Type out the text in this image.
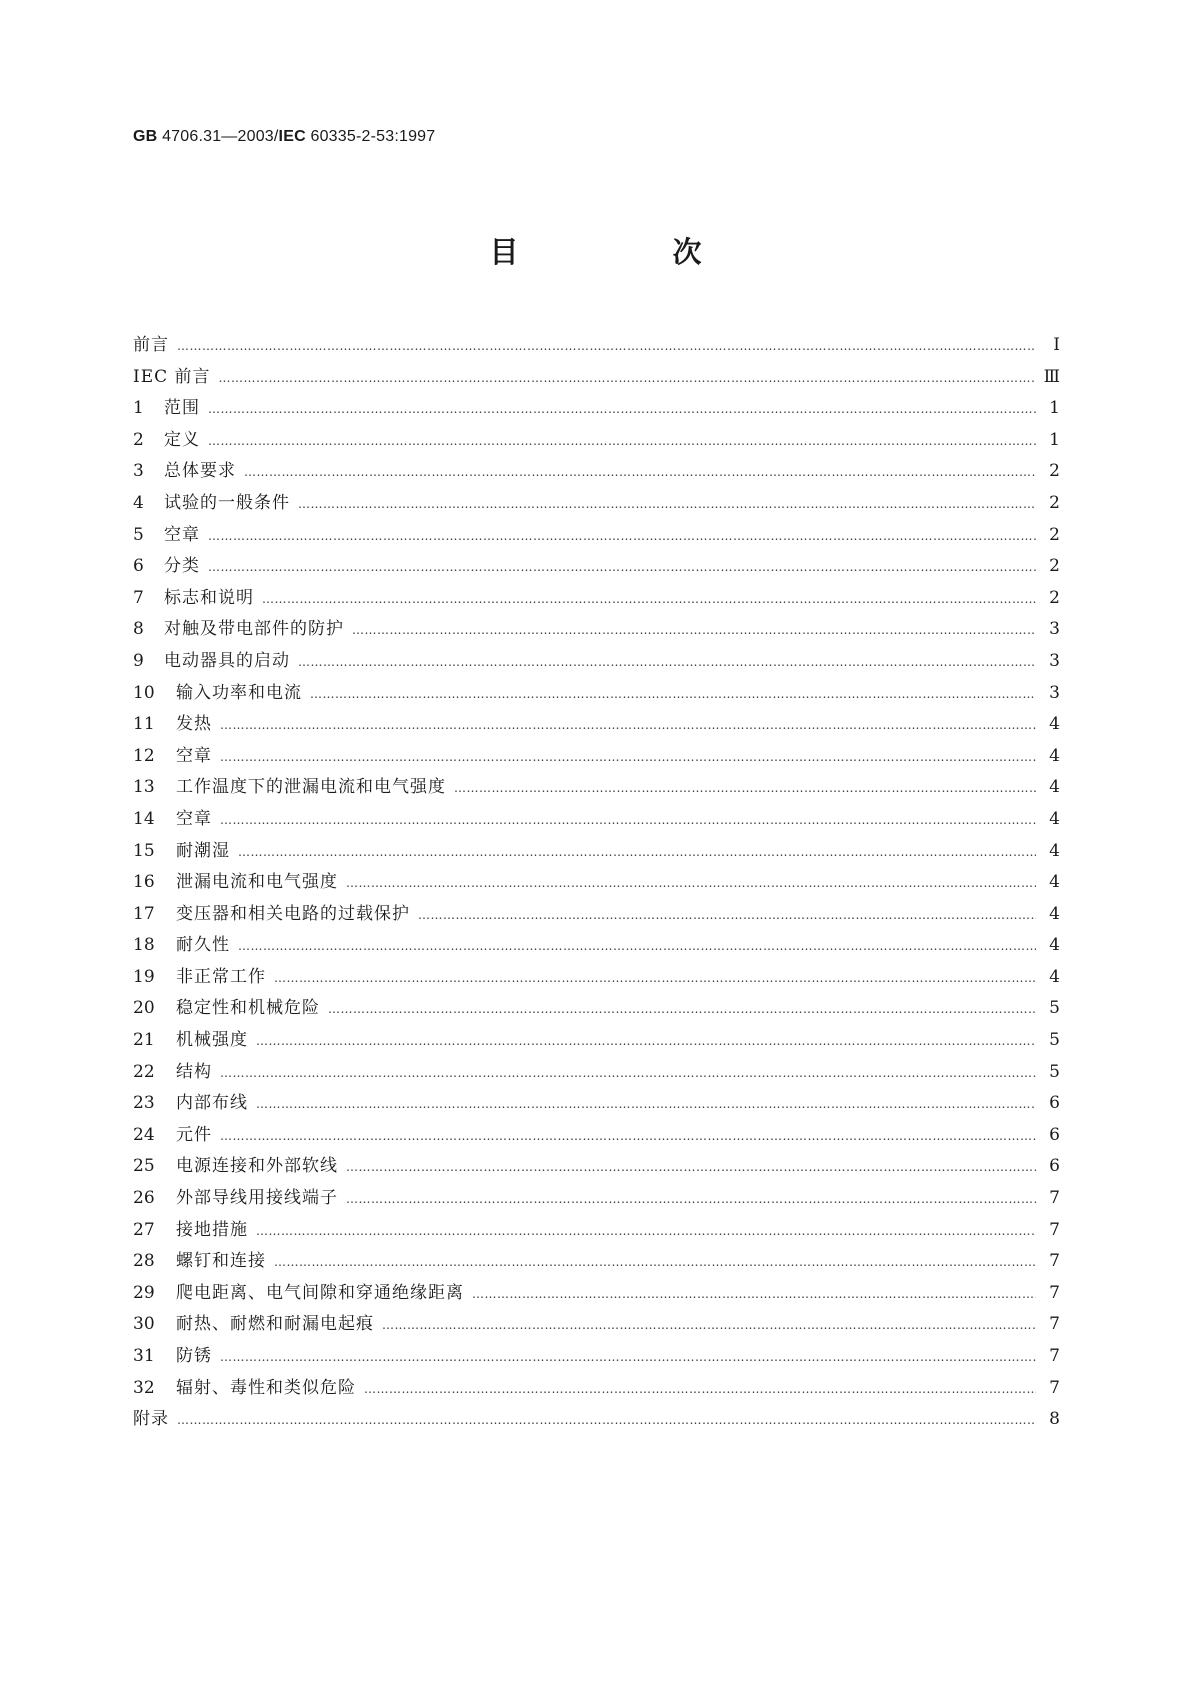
GB 4706.31—2003/IEC 60335-2-53:1997
目 次
前言 …………………………………………………………………………………………………………………………………………………………………………………………………………………………	I
IEC 前言 …………………………………………………………………………………………………………………………………………………………………………………………………………………………	Ⅲ
1	范围 …………………………………………………………………………………………………………………………………………………………………………………………………………………………	1
2	定义 …………………………………………………………………………………………………………………………………………………………………………………………………………………………	1
3	总体要求 …………………………………………………………………………………………………………………………………………………………………………………………………………………………	2
4	试验的一般条件 …………………………………………………………………………………………………………………………………………………………………………………………………………………………	2
5	空章 …………………………………………………………………………………………………………………………………………………………………………………………………………………………	2
6	分类 …………………………………………………………………………………………………………………………………………………………………………………………………………………………	2
7	标志和说明 …………………………………………………………………………………………………………………………………………………………………………………………………………………………	2
8	对触及带电部件的防护 …………………………………………………………………………………………………………………………………………………………………………………………………………………………	3
9	电动器具的启动 …………………………………………………………………………………………………………………………………………………………………………………………………………………………	3
10	输入功率和电流 …………………………………………………………………………………………………………………………………………………………………………………………………………………………	3
11	发热 …………………………………………………………………………………………………………………………………………………………………………………………………………………………	4
12	空章 …………………………………………………………………………………………………………………………………………………………………………………………………………………………	4
13	工作温度下的泄漏电流和电气强度 …………………………………………………………………………………………………………………………………………………………………………………………………………………………	4
14	空章 …………………………………………………………………………………………………………………………………………………………………………………………………………………………	4
15	耐潮湿 …………………………………………………………………………………………………………………………………………………………………………………………………………………………	4
16	泄漏电流和电气强度 …………………………………………………………………………………………………………………………………………………………………………………………………………………………	4
17	变压器和相关电路的过载保护 …………………………………………………………………………………………………………………………………………………………………………………………………………………………	4
18	耐久性 …………………………………………………………………………………………………………………………………………………………………………………………………………………………	4
19	非正常工作 …………………………………………………………………………………………………………………………………………………………………………………………………………………………	4
20	稳定性和机械危险 …………………………………………………………………………………………………………………………………………………………………………………………………………………………	5
21	机械强度 …………………………………………………………………………………………………………………………………………………………………………………………………………………………	5
22	结构 …………………………………………………………………………………………………………………………………………………………………………………………………………………………	5
23	内部布线 …………………………………………………………………………………………………………………………………………………………………………………………………………………………	6
24	元件 …………………………………………………………………………………………………………………………………………………………………………………………………………………………	6
25	电源连接和外部软线 …………………………………………………………………………………………………………………………………………………………………………………………………………………………	6
26	外部导线用接线端子 …………………………………………………………………………………………………………………………………………………………………………………………………………………………	7
27	接地措施 …………………………………………………………………………………………………………………………………………………………………………………………………………………………	7
28	螺钉和连接 …………………………………………………………………………………………………………………………………………………………………………………………………………………………	7
29	爬电距离、电气间隙和穿通绝缘距离 …………………………………………………………………………………………………………………………………………………………………………………………………………………………	7
30	耐热、耐燃和耐漏电起痕 …………………………………………………………………………………………………………………………………………………………………………………………………………………………	7
31	防锈 …………………………………………………………………………………………………………………………………………………………………………………………………………………………	7
32	辐射、毒性和类似危险 …………………………………………………………………………………………………………………………………………………………………………………………………………………………	7
附录 …………………………………………………………………………………………………………………………………………………………………………………………………………………………	8
